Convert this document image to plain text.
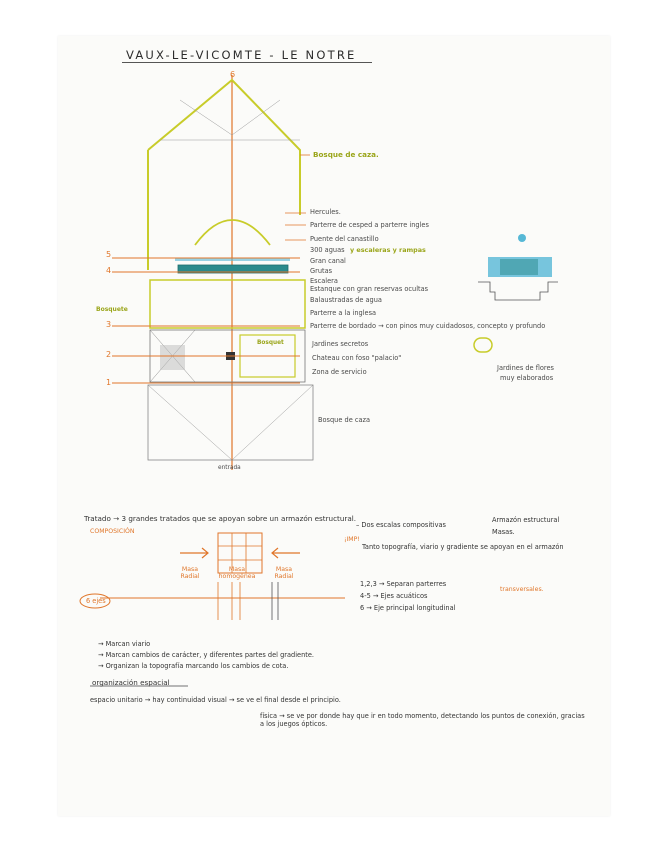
VAUX-LE-VICOMTE - LE NOTRE
Bosque de caza.
Hercules.
Parterre de cesped a parterre ingles
Puente del canastillo
300 aguas y escaleras y rampas
Gran canal
Grutas
Escalera
Estanque con gran reservas ocultas
Balaustradas de agua
Parterre a la inglesa
Parterre de bordado → con pinos muy cuidadosos, concepto y profundo
Jardines secretos
Chateau con foso "palacio"
Zona de servicio
Bosque de caza
entrada
Bosquete
Bosquet
Jardines de flores
muy elaborados
6
5
4
3
2
1
Tratado → 3 grandes tratados que se apoyan sobre un armazón estructural.
COMPOSICIÓN
– Dos escalas compositivas
Armazón estructural
Masas.
¡IMP!
Tanto topografía, viario y gradiente se apoyan en el armazón
Masa Radial
Masa homogénea
Masa Radial
6 ejes
1,2,3 → Separan parterres
4-5 → Ejes acuáticos
6 → Eje principal longitudinal
transversales.
→ Marcan viario
→ Marcan cambios de carácter, y diferentes partes del gradiente.
→ Organizan la topografía marcando los cambios de cota.
organización espacial
espacio unitario → hay continuidad visual → se ve el final desde el principio.
física → se ve por donde hay que ir en todo momento, detectando los puntos de conexión, gracias a los juegos ópticos.
